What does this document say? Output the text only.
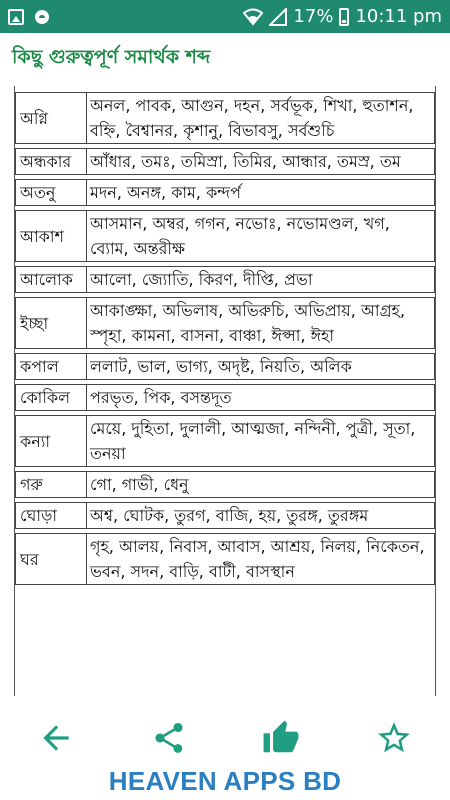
17% 10:11 pm
কিছু গুরুত্বপূর্ণ সমার্থক শব্দ
অগ্নি	অনল, পাবক, আগুন, দহন, সর্বভূক, শিখা, হুতাশন, বহ্নি, বৈশ্বানর, কৃশানু, বিভাবসু, সর্বশুচি
অন্ধকার	আঁধার, তমঃ, তমিস্রা, তিমির, আন্ধার, তমস্র, তম
অতনু	মদন, অনঙ্গ, কাম, কন্দর্প
আকাশ	আসমান, অম্বর, গগন, নভোঃ, নভোমণ্ডল, খগ, ব্যোম, অন্তরীক্ষ
আলোক	আলো, জ্যোতি, কিরণ, দীপ্তি, প্রভা
ইচ্ছা	আকাঙ্ক্ষা, অভিলাষ, অভিরুচি, অভিপ্রায়, আগ্রহ, স্পৃহা, কামনা, বাসনা, বাঞ্চা, ঈপ্সা, ঈহা
কপাল	ললাট, ভাল, ভাগ্য, অদৃষ্ট, নিয়তি, অলিক
কোকিল	পরভৃত, পিক, বসন্তদূত
কন্যা	মেয়ে, দুহিতা, দুলালী, আত্মজা, নন্দিনী, পুত্রী, সূতা, তনয়া
গরু	গো, গাভী, ধেনু
ঘোড়া	অশ্ব, ঘোটক, তুরগ, বাজি, হয়, তুরঙ্গ, তুরঙ্গম
ঘর	গৃহ, আলয়, নিবাস, আবাস, আশ্রয়, নিলয়, নিকেতন, ভবন, সদন, বাড়ি, বাটী, বাসস্থান
HEAVEN APPS BD
